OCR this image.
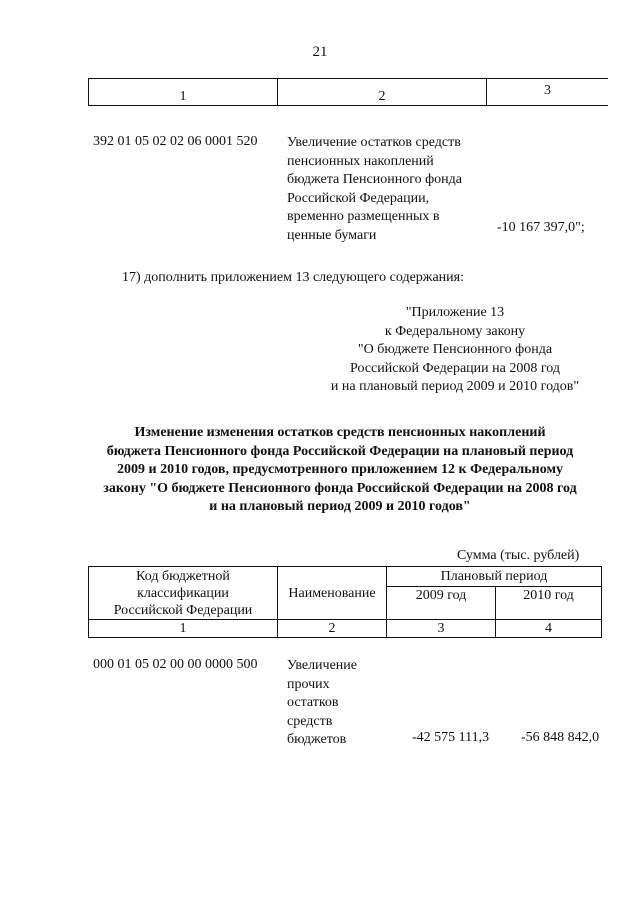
21
1	2	3
392 01 05 02 02 06 0001 520 Увеличение остатков средств
пенсионных накоплений
бюджета Пенсионного фонда
Российской Федерации,
временно размещенных в
ценные бумаги	-10 167 397,0";
17) дополнить приложением 13 следующего содержания:
"Приложение 13
к Федеральному закону
"О бюджете Пенсионного фонда
Российской Федерации на 2008 год
и на плановый период 2009 и 2010 годов"
Изменение изменения остатков средств пенсионных накоплений
бюджета Пенсионного фонда Российской Федерации на плановый период
2009 и 2010 годов, предусмотренного приложением 12 к Федеральному
закону "О бюджете Пенсионного фонда Российской Федерации на 2008 год
и на плановый период 2009 и 2010 годов"
Сумма (тыс. рублей)
Код бюджетной
классификации
Российской Федерации	Наименование	Плановый период	
		2009 год	2010 год
1	2	3	4
000 01 05 02 00 00 0000 500 Увеличение
прочих
остатков
средств
бюджетов	-42 575 111,3 -56 848 842,0
